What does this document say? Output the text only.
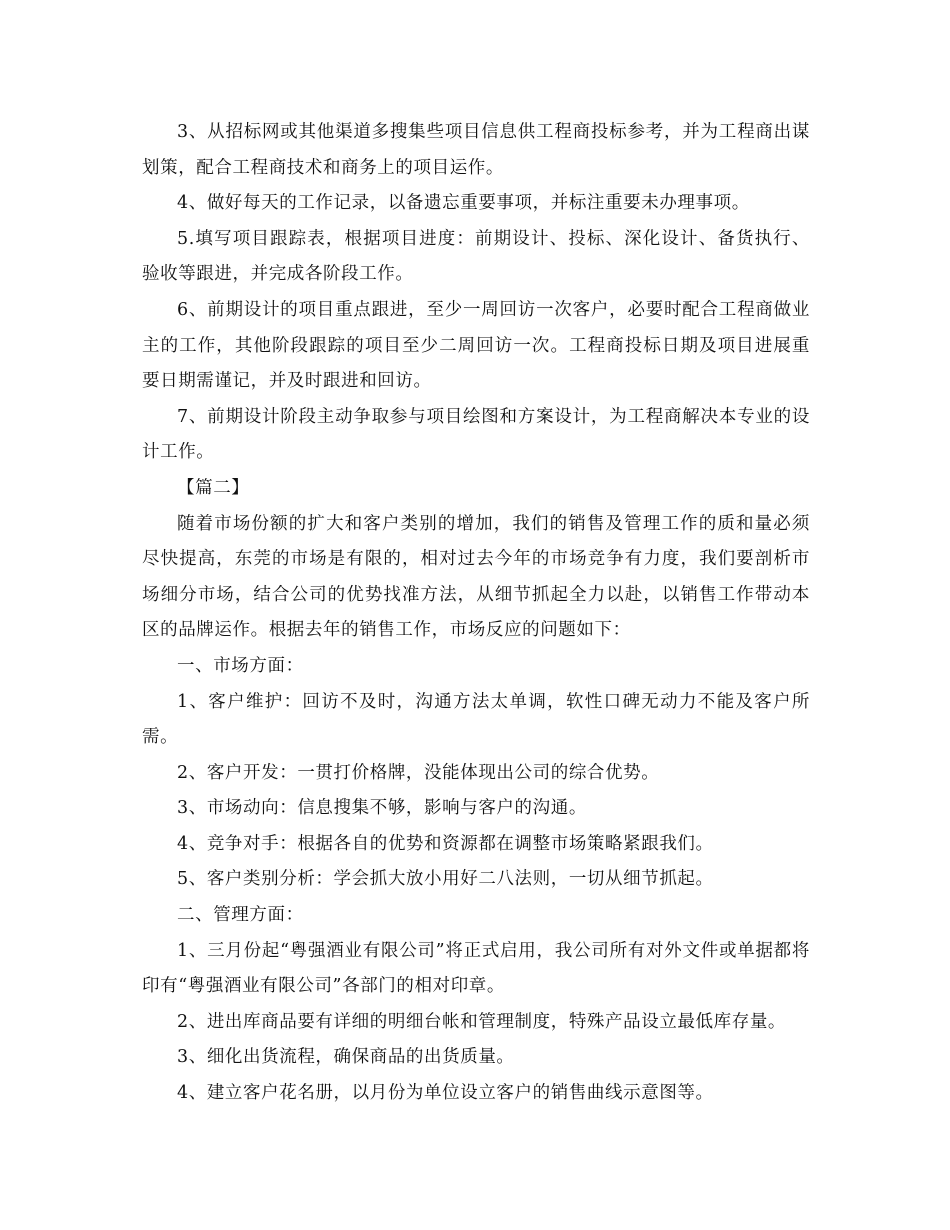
3、从招标网或其他渠道多搜集些项目信息供工程商投标参考，并为工程商出谋划策，配合工程商技术和商务上的项目运作。

4、做好每天的工作记录，以备遗忘重要事项，并标注重要未办理事项。

5.填写项目跟踪表，根据项目进度：前期设计、投标、深化设计、备货执行、验收等跟进，并完成各阶段工作。

6、前期设计的项目重点跟进，至少一周回访一次客户，必要时配合工程商做业主的工作，其他阶段跟踪的项目至少二周回访一次。工程商投标日期及项目进展重要日期需谨记，并及时跟进和回访。

7、前期设计阶段主动争取参与项目绘图和方案设计，为工程商解决本专业的设计工作。

【篇二】

随着市场份额的扩大和客户类别的增加，我们的销售及管理工作的质和量必须尽快提高，东莞的市场是有限的，相对过去今年的市场竞争有力度，我们要剖析市场细分市场，结合公司的优势找准方法，从细节抓起全力以赴，以销售工作带动本区的品牌运作。根据去年的销售工作，市场反应的问题如下：

一、市场方面：

1、客户维护：回访不及时，沟通方法太单调，软性口碑无动力不能及客户所需。

2、客户开发：一贯打价格牌，没能体现出公司的综合优势。

3、市场动向：信息搜集不够，影响与客户的沟通。

4、竞争对手：根据各自的优势和资源都在调整市场策略紧跟我们。

5、客户类别分析：学会抓大放小用好二八法则，一切从细节抓起。

二、管理方面：

1、三月份起“粤强酒业有限公司”将正式启用，我公司所有对外文件或单据都将印有“粤强酒业有限公司”各部门的相对印章。

2、进出库商品要有详细的明细台帐和管理制度，特殊产品设立最低库存量。

3、细化出货流程，确保商品的出货质量。

4、建立客户花名册，以月份为单位设立客户的销售曲线示意图等。
